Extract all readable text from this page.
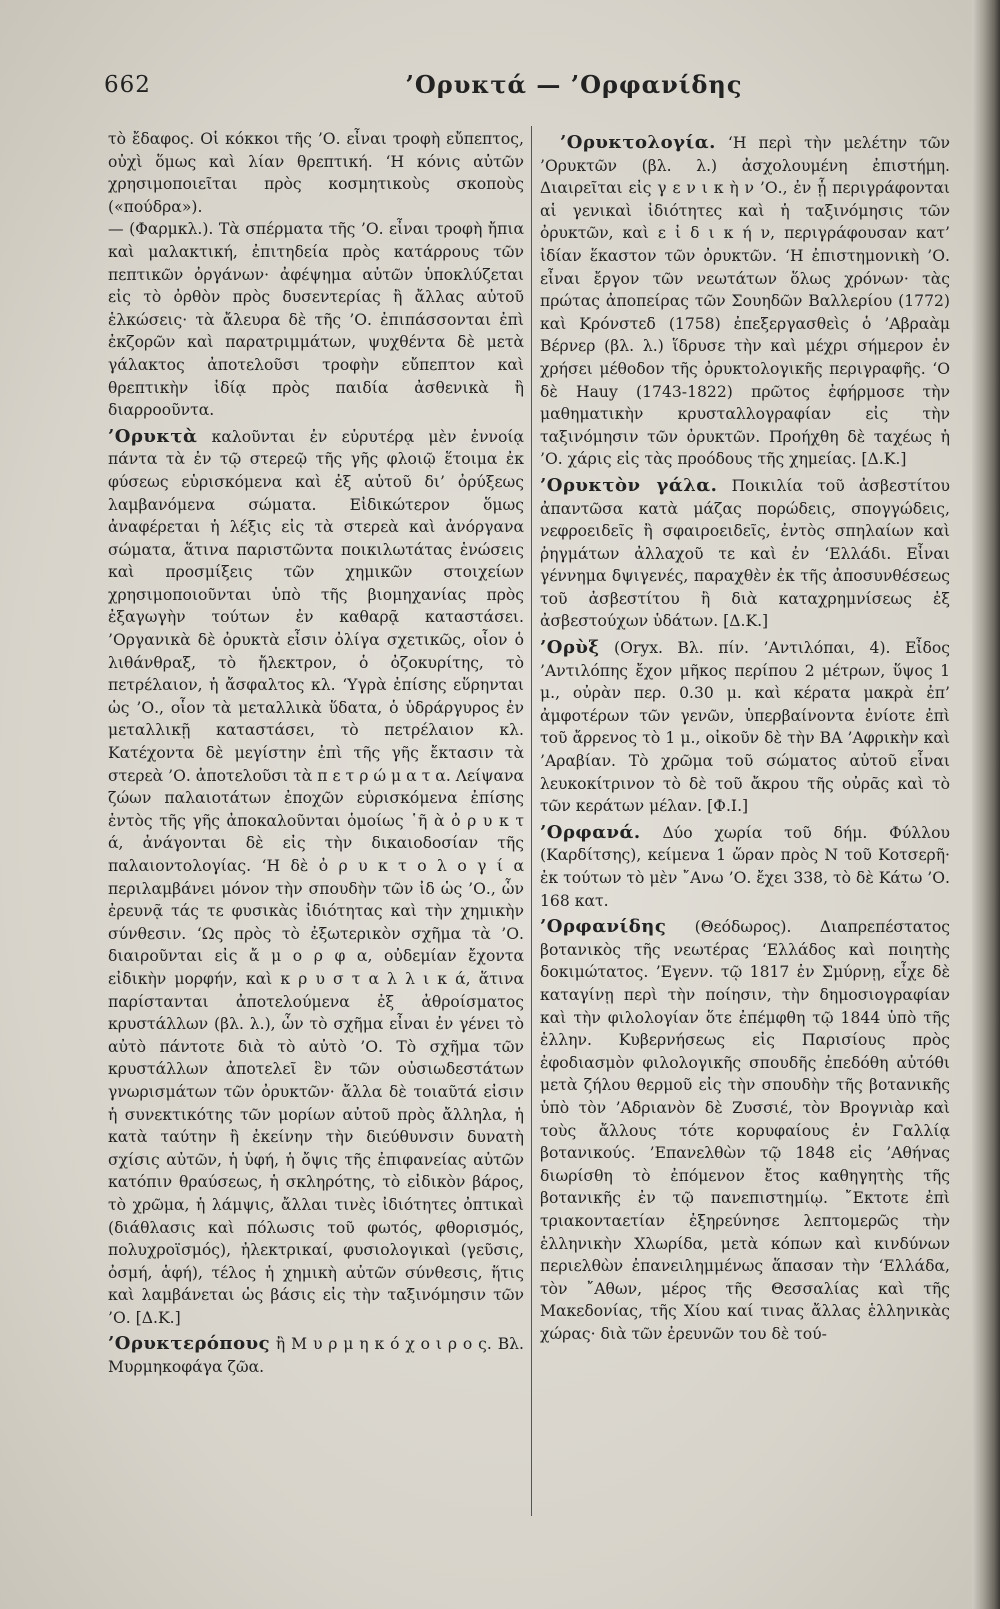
662	’Ορυκτά — ’Ορφανίδης

τὸ ἔδαφος. Οἱ κόκκοι τῆς ’Ο. εἶναι τροφὴ εὔπεπτος, οὐχὶ ὅμως καὶ λίαν θρεπτική. ‘Η κόνις αὐτῶν χρησιμοποιεῖται πρὸς κοσμητικοὺς σκοποὺς («πούδρα»).

— (Φαρμκλ.). Τὰ σπέρματα τῆς ’Ο. εἶναι τροφὴ ἤπια καὶ μαλακτική, ἐπιτηδεία πρὸς κατάρρους τῶν πεπτικῶν ὀργάνων· ἀφέψημα αὐτῶν ὑποκλύζεται εἰς τὸ ὀρθὸν πρὸς δυσεντερίας ἢ ἄλλας αὐτοῦ ἑλκώσεις· τὰ ἄλευρα δὲ τῆς ’Ο. ἐπιπάσσονται ἐπὶ ἐκζορῶν καὶ παρατριμμάτων, ψυχθέντα δὲ μετὰ γάλακτος ἀποτελοῦσι τροφὴν εὔπεπτον καὶ θρεπτικὴν ἰδίᾳ πρὸς παιδία ἀσθενικὰ ἢ διαρροοῦντα.

’Ορυκτὰ καλοῦνται ἐν εὐρυτέρᾳ μὲν ἐννοίᾳ πάντα τὰ ἐν τῷ στερεῷ τῆς γῆς φλοιῷ ἕτοιμα ἐκ φύσεως εὑρισκόμενα καὶ ἐξ αὐτοῦ δι’ ὀρύξεως λαμβανόμενα σώματα. Εἰδικώτερον ὅμως ἀναφέρεται ἡ λέξις εἰς τὰ στερεὰ καὶ ἀνόργανα σώματα, ἅτινα παριστῶντα ποικιλωτάτας ἑνώσεις καὶ προσμίξεις τῶν χημικῶν στοιχείων χρησιμοποιοῦνται ὑπὸ τῆς βιομηχανίας πρὸς ἐξαγωγὴν τούτων ἐν καθαρᾷ καταστάσει. ’Οργανικὰ δὲ ὀρυκτὰ εἶσιν ὀλίγα σχετικῶς, οἷον ὁ λιθάνθραξ, τὸ ἤλεκτρον, ὁ ὀζοκυρίτης, τὸ πετρέλαιον, ἡ ἄσφαλτος κλ. ‘Υγρὰ ἐπίσης εὕρηνται ὡς ’Ο., οἷον τὰ μεταλλικὰ ὕδατα, ὁ ὑδράργυρος ἐν μεταλλικῇ καταστάσει, τὸ πετρέλαιον κλ. Κατέχοντα δὲ μεγίστην ἐπὶ τῆς γῆς ἔκτασιν τὰ στερεὰ ’Ο. ἀποτελοῦσι τὰ π ε τ ρ ώ μ α τ α. Λείψανα ζώων παλαιοτάτων ἐποχῶν εὑρισκόμενα ἐπίσης ἐντὸς τῆς γῆς ἀποκαλοῦνται ὁμοίως ῾ῆ ὰ ὀ ρ υ κ τ ά, ἀνάγονται δὲ εἰς τὴν δικαιοδοσίαν τῆς παλαιοντολογίας. ‘Η δὲ ὀ ρ υ κ τ ο λ ο γ ί α περιλαμβάνει μόνον τὴν σπουδὴν τῶν ἰδ ὡς ’Ο., ὧν ἐρευνᾷ τάς τε φυσικὰς ἰδιότητας καὶ τὴν χημικὴν σύνθεσιν. ‘Ως πρὸς τὸ ἐξωτερικὸν σχῆμα τὰ ’Ο. διαιροῦνται εἰς ἄ μ ο ρ φ α, οὐδεμίαν ἔχοντα εἰδικὴν μορφήν, καὶ κ ρ υ σ τ α λ λ ι κ ά, ἅτινα παρίστανται ἀποτελούμενα ἐξ ἀθροίσματος κρυστάλλων (βλ. λ.), ὧν τὸ σχῆμα εἶναι ἐν γένει τὸ αὐτὸ πάντοτε διὰ τὸ αὐτὸ ’Ο. Τὸ σχῆμα τῶν κρυστάλλων ἀποτελεῖ ἓν τῶν οὐσιωδεστάτων γνωρισμάτων τῶν ὀρυκτῶν· ἄλλα δὲ τοιαῦτά εἰσιν ἡ συνεκτικότης τῶν μορίων αὐτοῦ πρὸς ἄλληλα, ἡ κατὰ ταύτην ἢ ἐκείνην τὴν διεύθυνσιν δυνατὴ σχίσις αὐτῶν, ἡ ὑφή, ἡ ὄψις τῆς ἐπιφανείας αὐτῶν κατόπιν θραύσεως, ἡ σκληρότης, τὸ εἰδικὸν βάρος, τὸ χρῶμα, ἡ λάμψις, ἄλλαι τινὲς ἰδιότητες ὀπτικαὶ (διάθλασις καὶ πόλωσις τοῦ φωτός, φθορισμός, πολυχροϊσμός), ἠλεκτρικαί, φυσιολογικαὶ (γεῦσις, ὀσμή, ἁφή), τέλος ἡ χημικὴ αὐτῶν σύνθεσις, ἥτις καὶ λαμβάνεται ὡς βάσις εἰς τὴν ταξινόμησιν τῶν ’Ο. [Δ.Κ.]

’Ορυκτερόπους ἢ Μ υ ρ μ η κ ό χ ο ι ρ ο ς. Βλ. Μυρμηκοφάγα ζῶα.

’Ορυκτολογία. ‘Η περὶ τὴν μελέτην τῶν ’Ορυκτῶν (βλ. λ.) ἀσχολουμένη ἐπιστήμη. Διαιρεῖται εἰς γ ε ν ι κ ὴ ν ’Ο., ἐν ᾗ περιγράφονται αἱ γενικαὶ ἰδιότητες καὶ ἡ ταξινόμησις τῶν ὀρυκτῶν, καὶ ε ἰ δ ι κ ή ν, περιγράφουσαν κατ’ ἰδίαν ἕκαστον τῶν ὀρυκτῶν. ‘Η ἐπιστημονικὴ ’Ο. εἶναι ἔργον τῶν νεωτάτων ὅλως χρόνων· τὰς πρώτας ἀποπείρας τῶν Σουηδῶν Βαλλερίου (1772) καὶ Κρόνστεδ (1758) ἐπεξεργασθεὶς ὁ ’Αβραὰμ Βέρνερ (βλ. λ.) ἵδρυσε τὴν καὶ μέχρι σήμερον ἐν χρήσει μέθοδον τῆς ὀρυκτολογικῆς περιγραφῆς. ‘Ο δὲ Hauy (1743-1822) πρῶτος ἐφήρμοσε τὴν μαθηματικὴν κρυσταλλογραφίαν εἰς τὴν ταξινόμησιν τῶν ὀρυκτῶν. Προήχθη δὲ ταχέως ἡ ’Ο. χάρις εἰς τὰς προόδους τῆς χημείας. [Δ.Κ.]

’Ορυκτὸν γάλα. Ποικιλία τοῦ ἀσβεστίτου ἀπαντῶσα κατὰ μάζας πορώδεις, σπογγώδεις, νεφροειδεῖς ἢ σφαιροειδεῖς, ἐντὸς σπηλαίων καὶ ῥηγμάτων ἀλλαχοῦ τε καὶ ἐν ‘Ελλάδι. Εἶναι γέννημα δψιγενές, παραχθὲν ἐκ τῆς ἀποσυνθέσεως τοῦ ἀσβεστίτου ἢ διὰ καταχρημνίσεως ἐξ ἀσβεστούχων ὑδάτων. [Δ.Κ.]

’Ορὺξ (Oryx. Βλ. πίν. ’Αντιλόπαι, 4). Εἶδος ’Αντιλόπης ἔχον μῆκος περίπου 2 μέτρων, ὕψος 1 μ., οὐρὰν περ. 0.30 μ. καὶ κέρατα μακρὰ ἐπ’ ἀμφοτέρων τῶν γενῶν, ὑπερβαίνοντα ἐνίοτε ἐπὶ τοῦ ἄρρενος τὸ 1 μ., οἰκοῦν δὲ τὴν ΒΑ ’Αφρικὴν καὶ ’Αραβίαν. Τὸ χρῶμα τοῦ σώματος αὐτοῦ εἶναι λευκοκίτρινον τὸ δὲ τοῦ ἄκρου τῆς οὐρᾶς καὶ τὸ τῶν κεράτων μέλαν. [Φ.Ι.]

’Ορφανά. Δύο χωρία τοῦ δήμ. Φύλλου (Καρδίτσης), κείμενα 1 ὥραν πρὸς Ν τοῦ Κοτσερῆ· ἐκ τούτων τὸ μὲν ῎Ανω ’Ο. ἔχει 338, τὸ δὲ Κάτω ’Ο. 168 κατ.

’Ορφανίδης (Θεόδωρος). Διαπρεπέστατος βοτανικὸς τῆς νεωτέρας ‘Ελλάδος καὶ ποιητὴς δοκιμώτατος. ’Εγενν. τῷ 1817 ἐν Σμύρνῃ, εἶχε δὲ καταγίνῃ περὶ τὴν ποίησιν, τὴν δημοσιογραφίαν καὶ τὴν φιλολογίαν ὅτε ἐπέμφθη τῷ 1844 ὑπὸ τῆς ἑλλην. Κυβερνήσεως εἰς Παρισίους πρὸς ἐφοδιασμὸν φιλολογικῆς σπουδῆς ἐπεδόθη αὐτόθι μετὰ ζήλου θερμοῦ εἰς τὴν σπουδὴν τῆς βοτανικῆς ὑπὸ τὸν ’Αδριανὸν δὲ Ζυσσιέ, τὸν Βρογνιὰρ καὶ τοὺς ἄλλους τότε κορυφαίους ἐν Γαλλίᾳ βοτανικούς. ’Επανελθὼν τῷ 1848 εἰς ’Αθήνας διωρίσθη τὸ ἐπόμενον ἔτος καθηγητὴς τῆς βοτανικῆς ἐν τῷ πανεπιστημίῳ. ῎Εκτοτε ἐπὶ τριακονταετίαν ἐξηρεύνησε λεπτομερῶς τὴν ἑλληνικὴν Χλωρίδα, μετὰ κόπων καὶ κινδύνων περιελθὼν ἐπανειλημμένως ἅπασαν τὴν ‘Ελλάδα, τὸν ῎Αθων, μέρος τῆς Θεσσαλίας καὶ τῆς Μακεδονίας, τῆς Χίου καί τινας ἄλλας ἑλληνικὰς χώρας· διὰ τῶν ἐρευνῶν του δὲ τού-
